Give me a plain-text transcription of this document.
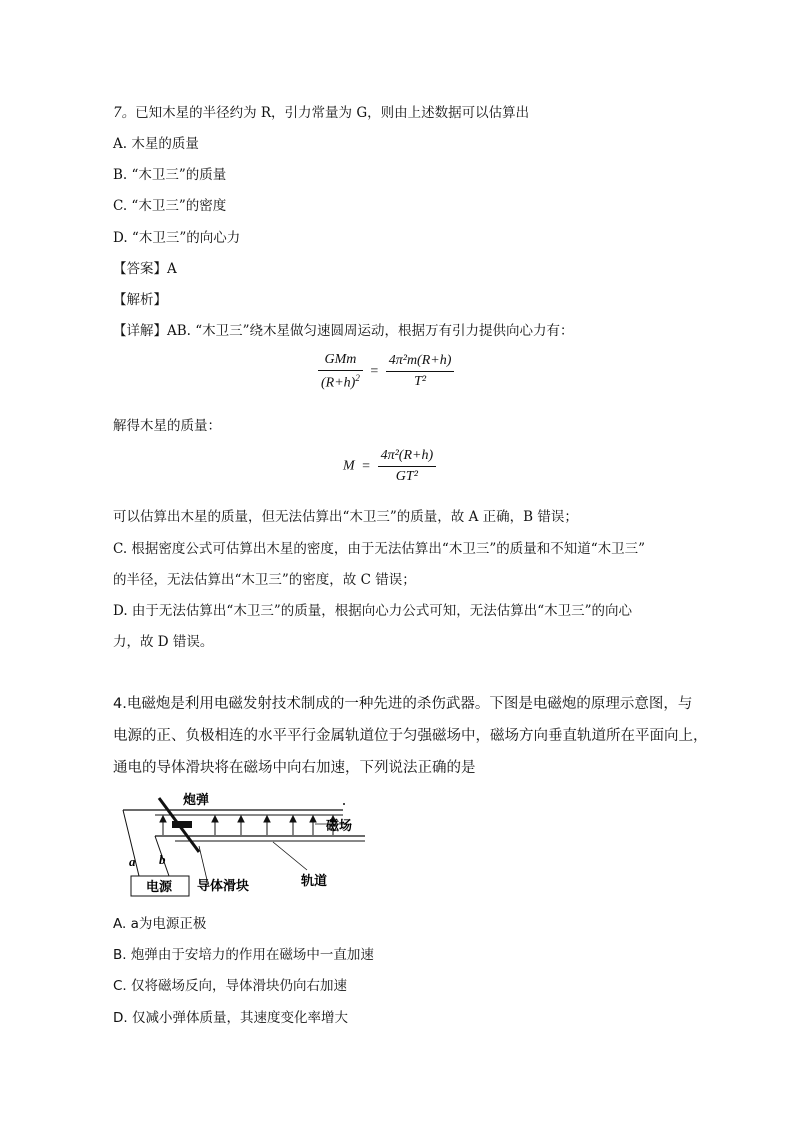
7。已知木星的半径约为 R，引力常量为 G，则由上述数据可以估算出
A. 木星的质量
B. “木卫三”的质量
C. “木卫三”的密度
D. “木卫三”的向心力
【答案】A
【解析】
【详解】AB. “木卫三”绕木星做匀速圆周运动，根据万有引力提供向心力有：
$\frac{\text{GMm}}{(R+h)^2} = \frac{\text{4π²m(R+h)}}{\text{T²}}$
解得木星的质量：
$M = \frac{\text{4π²(R+h)}}{\text{GT²}}$
可以估算出木星的质量，但无法估算出“木卫三”的质量，故 A 正确，B 错误；
C. 根据密度公式可估算出木星的密度，由于无法估算出“木卫三”的质量和不知道“木卫三”
的半径，无法估算出“木卫三”的密度，故 C 错误；
D. 由于无法估算出“木卫三”的质量，根据向心力公式可知，无法估算出“木卫三”的向心
力，故 D 错误。
4.电磁炮是利用电磁发射技术制成的一种先进的杀伤武器。下图是电磁炮的原理示意图，与
电源的正、负极相连的水平平行金属轨道位于匀强磁场中，磁场方向垂直轨道所在平面向上，
通电的导体滑块将在磁场中向右加速，下列说法正确的是
炮弹
磁场
a b
电源 导体滑块	轨道
A. a为电源正极
B. 炮弹由于安培力的作用在磁场中一直加速
C. 仅将磁场反向，导体滑块仍向右加速
D. 仅减小弹体质量，其速度变化率增大
